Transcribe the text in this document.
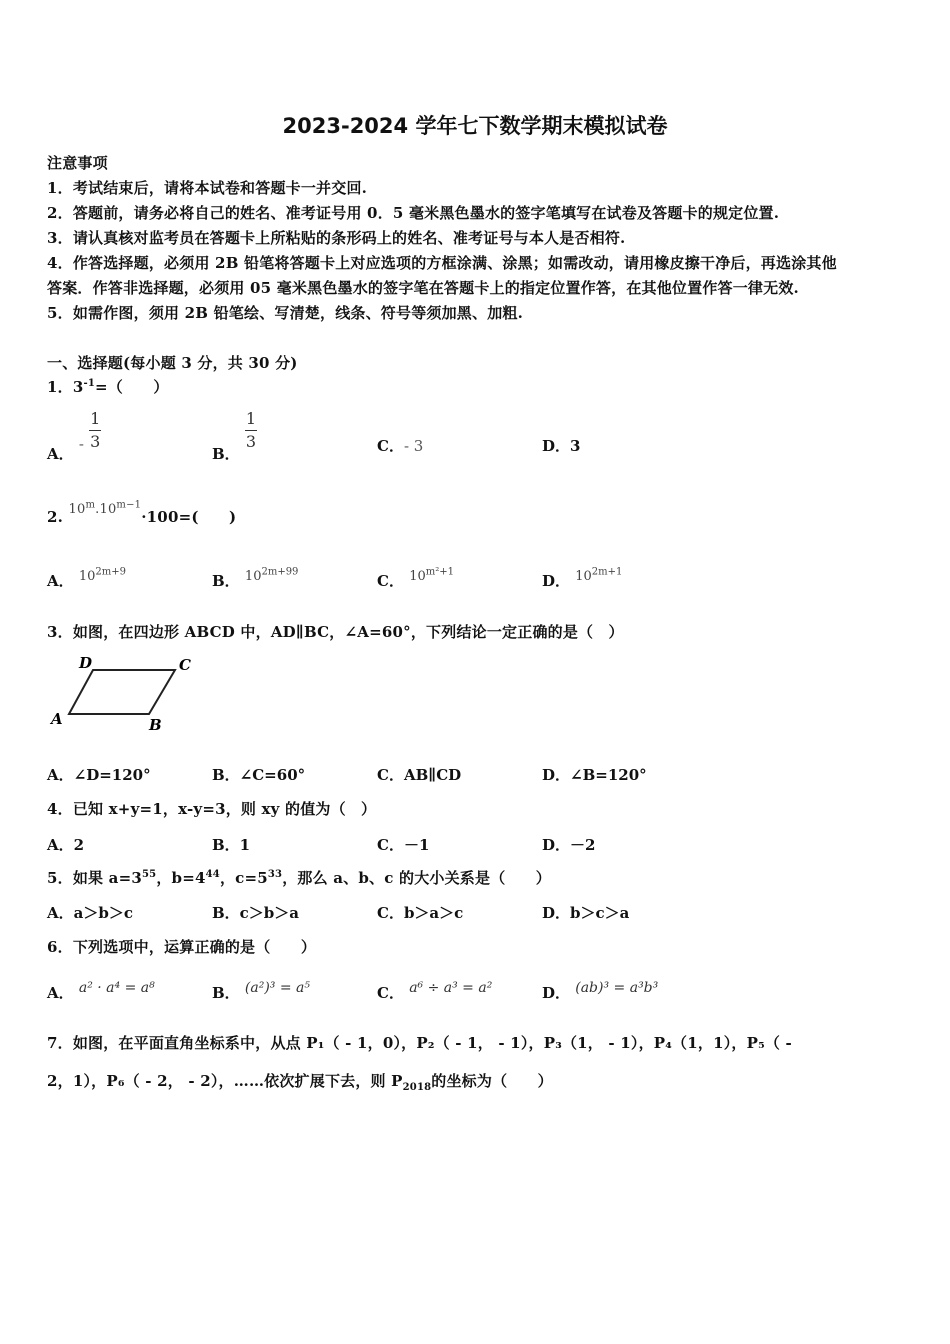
2023-2024 学年七下数学期末模拟试卷
注意事项
1．考试结束后，请将本试卷和答题卡一并交回.
2．答题前，请务必将自己的姓名、准考证号用 0．5 毫米黑色墨水的签字笔填写在试卷及答题卡的规定位置.
3．请认真核对监考员在答题卡上所粘贴的条形码上的姓名、准考证号与本人是否相符.
4．作答选择题，必须用 2B 铅笔将答题卡上对应选项的方框涂满、涂黑；如需改动，请用橡皮擦干净后，再选涂其他
答案．作答非选择题，必须用 05 毫米黑色墨水的签字笔在答题卡上的指定位置作答，在其他位置作答一律无效.
5．如需作图，须用 2B 铅笔绘、写清楚，线条、符号等须加黑、加粗.
一、选择题(每小题 3 分，共 30 分)
1．$3^{-1}=$（　　）
A． - $\frac{1}{3}$
B．
$\frac{1}{3}$	C．- 3	D．3
2. $10^m.10^{m-1}\cdot 100=$(　　)
A． $10^{2m+9}$	B． $10^{2m+99}$	C． $10^{m^2+1}$	D． $10^{2m+1}$
3．如图，在四边形 ABCD 中，AD∥BC，∠A=60°，下列结论一定正确的是（　）
D	C
A	B
A．∠D=120°	B．∠C=60°	C．AB∥CD	D．∠B=120°
4．已知 x+y=1，x-y=3，则 xy 的值为（　）
A．2	B．1	C．－1	D．－2
5．如果 $a=3^{55}$，$b=4^{44}$，$c=5^{33}$，那么 a、b、c 的大小关系是（　　）
A．a＞b＞c	B．c＞b＞a	C．b＞a＞c	D．b＞c＞a
6．下列选项中，运算正确的是（　　）
A． a² · a⁴ = a⁸	B． (a²)³ = a⁵	C． a⁶ ÷ a³ = a²	D． (ab)³ = a³b³
7．如图，在平面直角坐标系中，从点 P₁（ - 1，0），P₂（ - 1， - 1），P₃（1， - 1），P₄（1，1），P₅（ -
2，1），P₆（ - 2， - 2），……依次扩展下去，则 $P_{2018}$的坐标为（　　）
